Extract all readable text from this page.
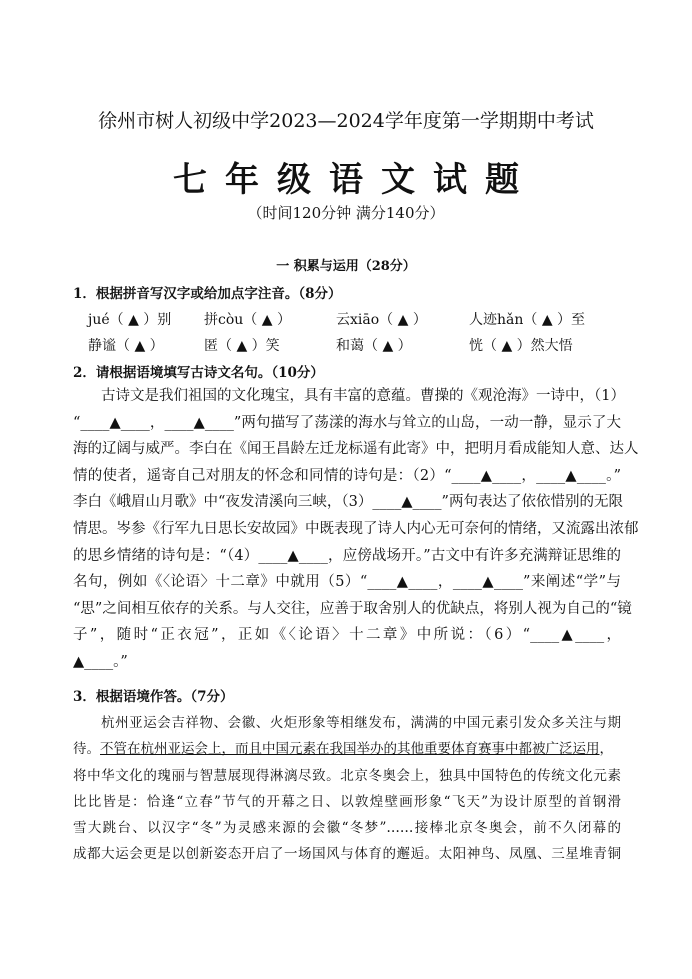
徐州市树人初级中学2023—2024学年度第一学期期中考试
七年级语文试题
（时间120分钟 满分140分）
一 积累与运用（28分）
1．根据拼音写汉字或给加点字注音。（8分）
jué（ ▲ ）别 拼còu（ ▲ ）	云xiāo（ ▲ ）	人迹hǎn（ ▲ ）至
静谧（ ▲ ）	匿（ ▲ ）笑	和蔼（ ▲ ）	恍（ ▲ ）然大悟
2．请根据语境填写古诗文名句。（10分）
古诗文是我们祖国的文化瑰宝，具有丰富的意蕴。曹操的《观沧海》一诗中，（1）
“____▲____，____▲____”两句描写了荡漾的海水与耸立的山岛，一动一静，显示了大
海的辽阔与威严。李白在《闻王昌龄左迁龙标遥有此寄》中，把明月看成能知人意、达人
情的使者，遥寄自己对朋友的怀念和同情的诗句是：（2）“____▲____，____▲____。”
李白《峨眉山月歌》中“夜发清溪向三峡，（3）____▲____”两句表达了依依惜别的无限
情思。岑参《行军九日思长安故园》中既表现了诗人内心无可奈何的情绪，又流露出浓郁
的思乡情绪的诗句是：“（4）____▲____，应傍战场开。”古文中有许多充满辩证思维的
名句，例如《〈论语〉十二章》中就用（5）“____▲____，____▲____”来阐述“学”与
“思”之间相互依存的关系。与人交往，应善于取舍别人的优缺点，将别人视为自己的“镜
子”，随时“正衣冠”，正如《〈论语〉十二章》中所说：（6）“____▲____，
▲____。”
3．根据语境作答。（7分）
杭州亚运会吉祥物、会徽、火炬形象等相继发布，满满的中国元素引发众多关注与期
待。不管在杭州亚运会上，而且中国元素在我国举办的其他重要体育赛事中都被广泛运用，
将中华文化的瑰丽与智慧展现得淋漓尽致。北京冬奥会上，独具中国特色的传统文化元素
比比皆是：恰逢“立春”节气的开幕之日、以敦煌壁画形象“飞天”为设计原型的首钢滑
雪大跳台、以汉字“冬”为灵感来源的会徽“冬梦”……接棒北京冬奥会，前不久闭幕的
成都大运会更是以创新姿态开启了一场国风与体育的邂逅。太阳神鸟、凤凰、三星堆青铜
